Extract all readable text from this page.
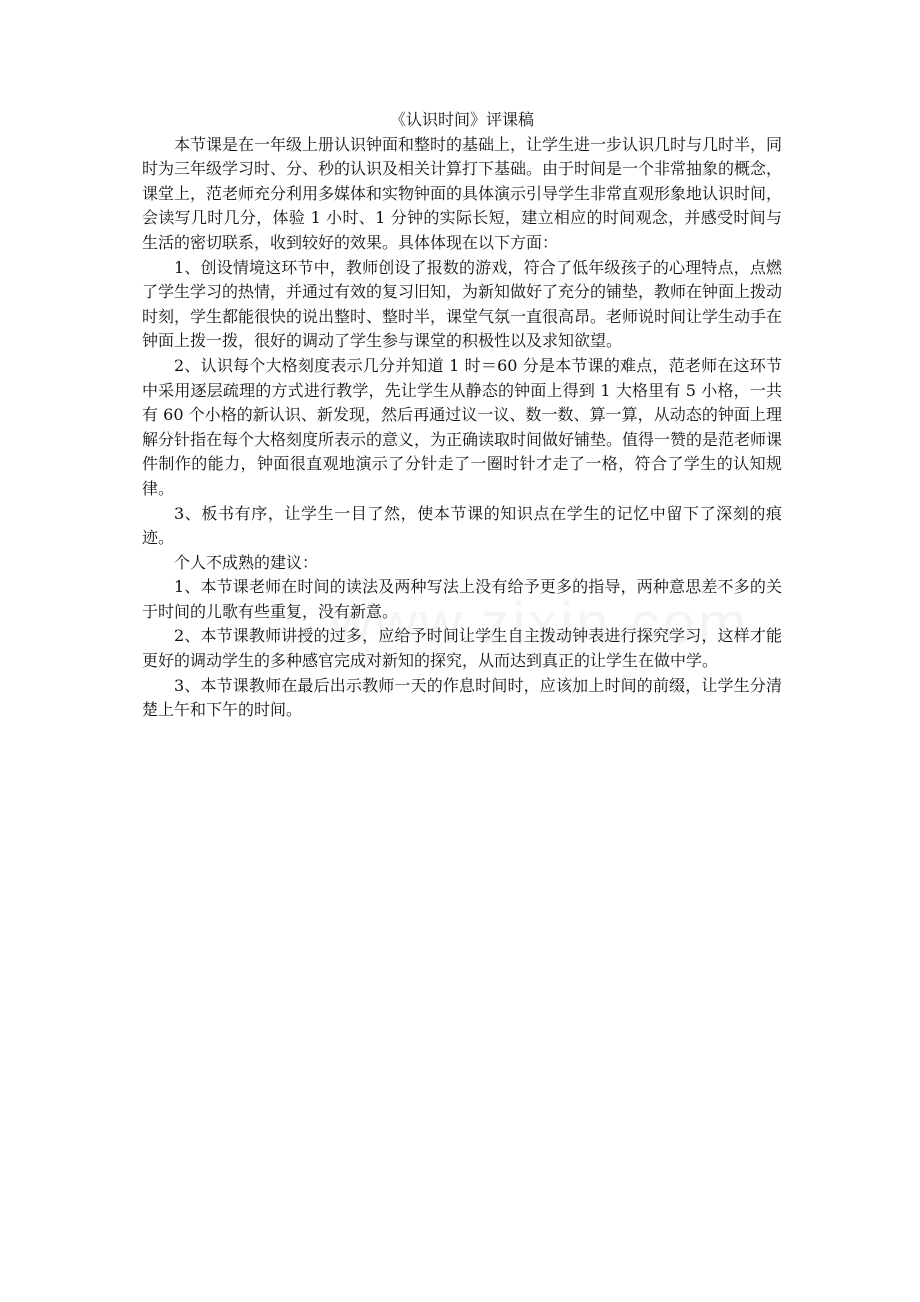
《认识时间》评课稿

本节课是在一年级上册认识钟面和整时的基础上，让学生进一步认识几时与几时半，同时为三年级学习时、分、秒的认识及相关计算打下基础。由于时间是一个非常抽象的概念，课堂上，范老师充分利用多媒体和实物钟面的具体演示引导学生非常直观形象地认识时间，会读写几时几分，体验 1 小时、1 分钟的实际长短，建立相应的时间观念，并感受时间与生活的密切联系，收到较好的效果。具体体现在以下方面：

1、创设情境这环节中，教师创设了报数的游戏，符合了低年级孩子的心理特点，点燃了学生学习的热情，并通过有效的复习旧知，为新知做好了充分的铺垫，教师在钟面上拨动时刻，学生都能很快的说出整时、整时半，课堂气氛一直很高昂。老师说时间让学生动手在钟面上拨一拨，很好的调动了学生参与课堂的积极性以及求知欲望。

2、认识每个大格刻度表示几分并知道 1 时＝60 分是本节课的难点，范老师在这环节中采用逐层疏理的方式进行教学，先让学生从静态的钟面上得到 1 大格里有 5 小格，一共有 60 个小格的新认识、新发现，然后再通过议一议、数一数、算一算，从动态的钟面上理解分针指在每个大格刻度所表示的意义，为正确读取时间做好铺垫。值得一赞的是范老师课件制作的能力，钟面很直观地演示了分针走了一圈时针才走了一格，符合了学生的认知规律。

3、板书有序，让学生一目了然，使本节课的知识点在学生的记忆中留下了深刻的痕迹。

个人不成熟的建议：

1、本节课老师在时间的读法及两种写法上没有给予更多的指导，两种意思差不多的关于时间的儿歌有些重复，没有新意。

2、本节课教师讲授的过多，应给予时间让学生自主拨动钟表进行探究学习，这样才能更好的调动学生的多种感官完成对新知的探究，从而达到真正的让学生在做中学。

3、本节课教师在最后出示教师一天的作息时间时，应该加上时间的前缀，让学生分清楚上午和下午的时间。
